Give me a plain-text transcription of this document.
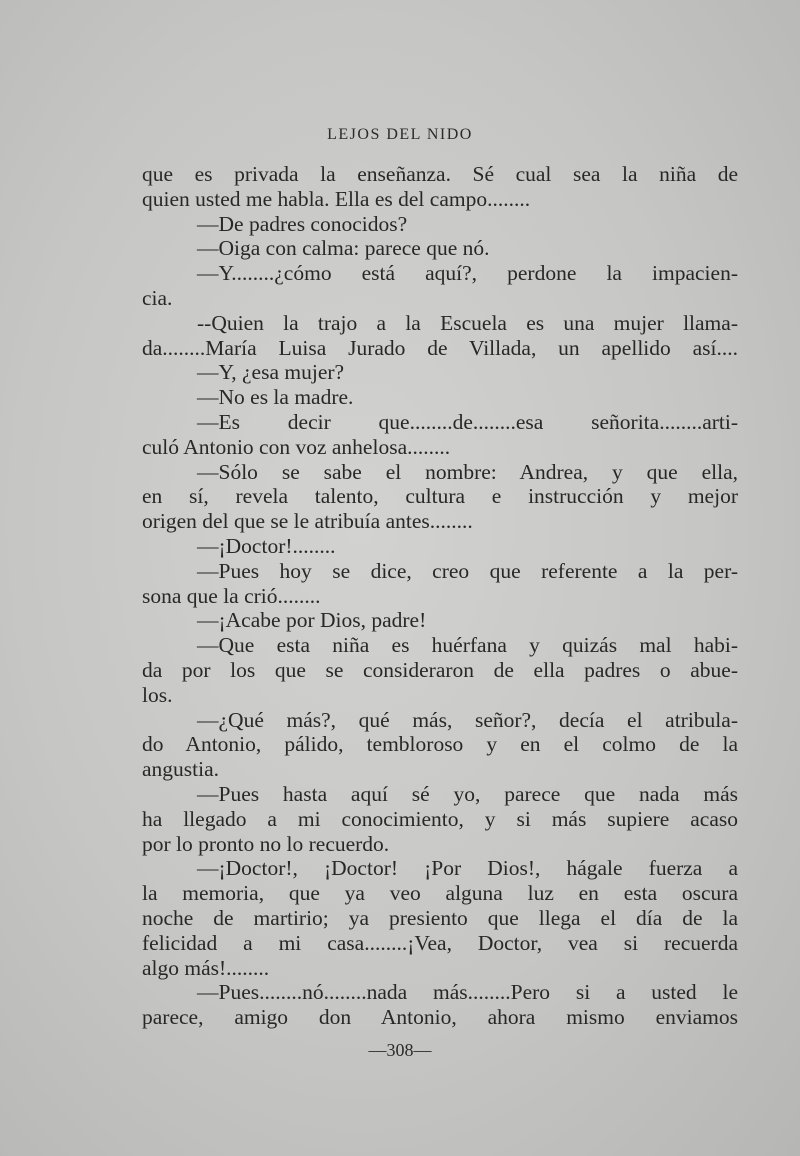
LEJOS DEL NIDO
que es privada la enseñanza. Sé cual sea la niña de
quien usted me habla. Ella es del campo........
—De padres conocidos?
—Oiga con calma: parece que nó.
—Y........¿cómo está aquí?, perdone la impacien-
cia.
--Quien la trajo a la Escuela es una mujer llama-
da........María Luisa Jurado de Villada, un apellido así....
—Y, ¿esa mujer?
—No es la madre.
—Es decir que........de........esa señorita........arti-
culó Antonio con voz anhelosa........
—Sólo se sabe el nombre: Andrea, y que ella,
en sí, revela talento, cultura e instrucción y mejor
origen del que se le atribuía antes........
—¡Doctor!........
—Pues hoy se dice, creo que referente a la per-
sona que la crió........
—¡Acabe por Dios, padre!
—Que esta niña es huérfana y quizás mal habi-
da por los que se consideraron de ella padres o abue-
los.
—¿Qué más?, qué más, señor?, decía el atribula-
do Antonio, pálido, tembloroso y en el colmo de la
angustia.
—Pues hasta aquí sé yo, parece que nada más
ha llegado a mi conocimiento, y si más supiere acaso
por lo pronto no lo recuerdo.
—¡Doctor!, ¡Doctor! ¡Por Dios!, hágale fuerza a
la memoria, que ya veo alguna luz en esta oscura
noche de martirio; ya presiento que llega el día de la
felicidad a mi casa........¡Vea, Doctor, vea si recuerda
algo más!........
—Pues........nó........nada más........Pero si a usted le
parece, amigo don Antonio, ahora mismo enviamos
—308—
